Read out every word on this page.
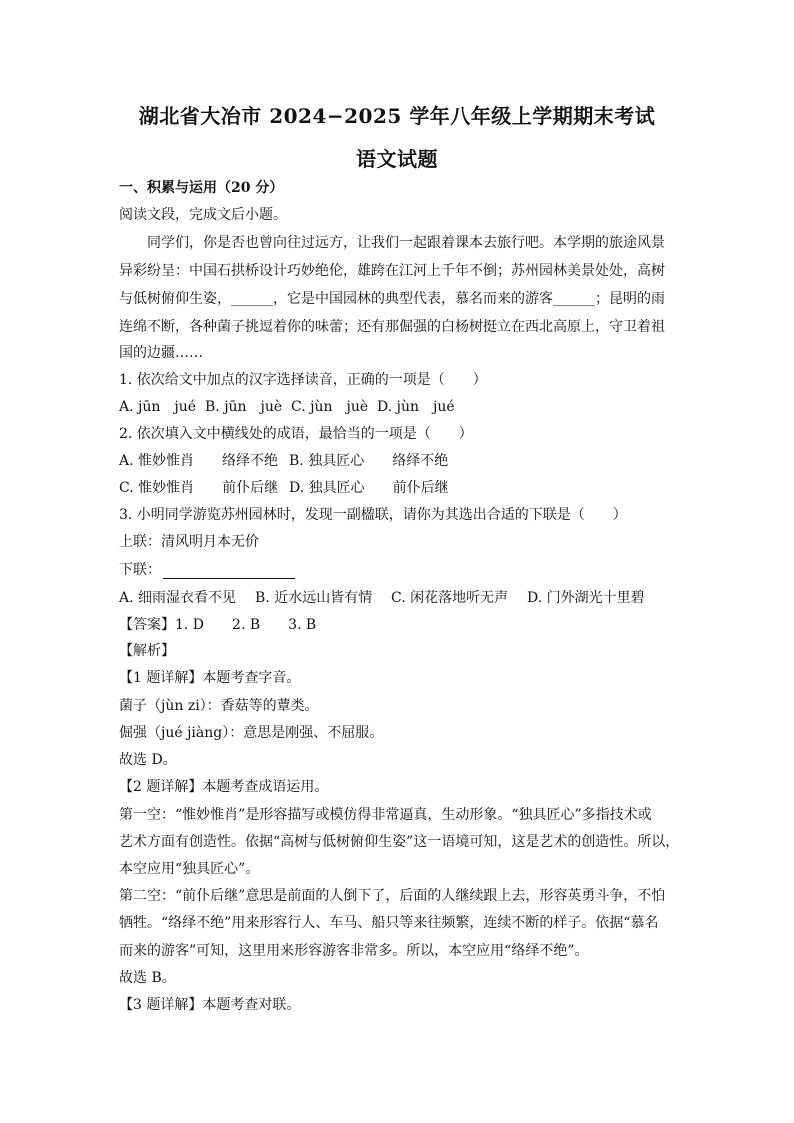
湖北省大冶市 2024−2025 学年八年级上学期期末考试
语文试题
一、积累与运用（20 分）
阅读文段，完成文后小题。
同学们，你是否也曾向往过远方，让我们一起跟着课本去旅行吧。本学期的旅途风景
异彩纷呈：中国石拱桥设计巧妙绝伦，雄跨在江河上千年不倒；苏州园林美景处处，高树
与低树俯仰生姿，______，它是中国园林的典型代表，慕名而来的游客______；昆明的雨
连绵不断，各种菌子挑逗着你的味蕾；还有那倔强的白杨树挺立在西北高原上，守卫着祖
国的边疆……
1. 依次给文中加点的汉字选择读音，正确的一项是（　　）
A. jūn　jué B. jūn　juè C. jùn　juè D. jùn　jué
2. 依次填入文中横线处的成语，最恰当的一项是（　　）
A. 惟妙惟肖　　络绎不绝 B. 独具匠心　　络绎不绝
C. 惟妙惟肖　　前仆后继 D. 独具匠心　　前仆后继
3. 小明同学游览苏州园林时，发现一副楹联，请你为其选出合适的下联是（　　）
上联：清风明月本无价
下联：
A. 细雨湿衣看不见 B. 近水远山皆有情 C. 闲花落地听无声 D. 门外湖光十里碧
【答案】1. D　　2. B　　3. B
【解析】
【1 题详解】本题考查字音。
菌子（jùn zi）：香菇等的蕈类。
倔强（jué jiàng）：意思是刚强、不屈服。
故选 D。
【2 题详解】本题考查成语运用。
第一空：“惟妙惟肖”是形容描写或模仿得非常逼真，生动形象。“独具匠心”多指技术或
艺术方面有创造性。依据“高树与低树俯仰生姿”这一语境可知，这是艺术的创造性。所以，
本空应用“独具匠心”。
第二空：“前仆后继”意思是前面的人倒下了，后面的人继续跟上去，形容英勇斗争，不怕
牺牲。“络绎不绝”用来形容行人、车马、船只等来往频繁，连续不断的样子。依据“慕名
而来的游客”可知，这里用来形容游客非常多。所以，本空应用“络绎不绝”。
故选 B。
【3 题详解】本题考查对联。
